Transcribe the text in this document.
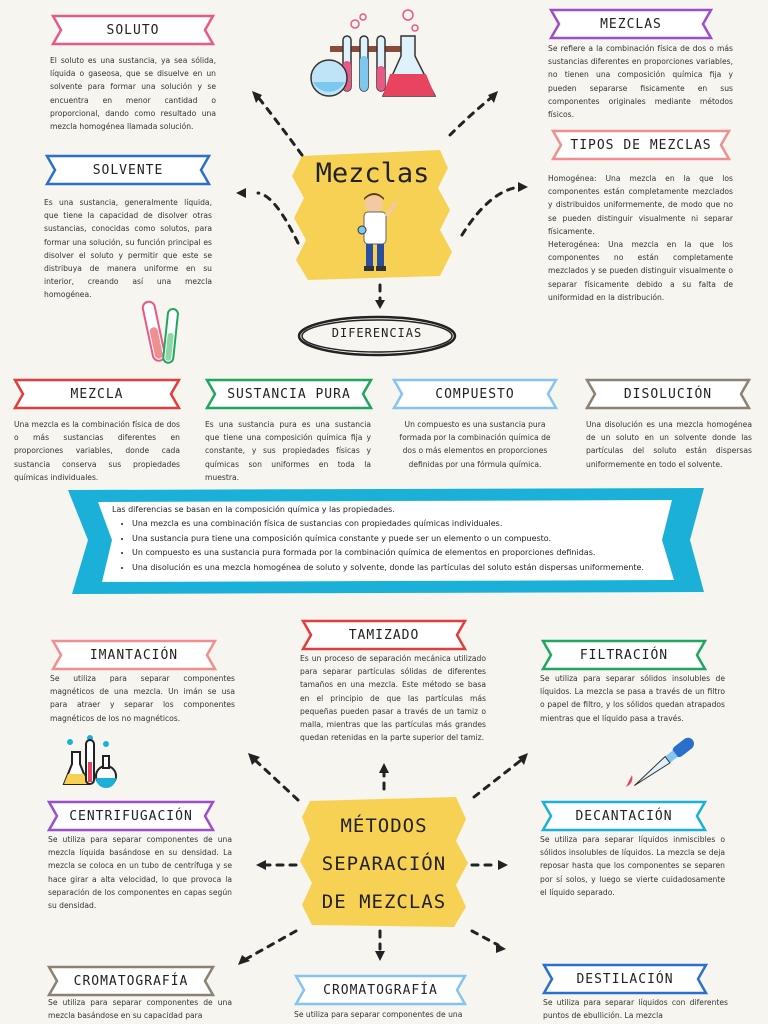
SOLUTO
El soluto es una sustancia, ya sea sólida, líquida o gaseosa, que se disuelve en un solvente para formar una solución y se encuentra en menor cantidad o proporcional, dando como resultado una mezcla homogénea llamada solución.
SOLVENTE
Es una sustancia, generalmente líquida, que tiene la capacidad de disolver otras sustancias, conocidas como solutos, para formar una solución, su función principal es disolver el soluto y permitir que este se distribuya de manera uniforme en su interior, creando así una mezcla homogénea.
MEZCLAS
Se refiere a la combinación física de dos o más sustancias diferentes en proporciones variables, no tienen una composición química fija y pueden separarse fisicamente en sus componentes originales mediante métodos físicos.
TIPOS DE MEZCLAS
Homogénea: Una mezcla en la que los componentes están completamente mezclados y distribuidos uniformemente, de modo que no se pueden distinguir visualmente ni separar físicamente.
Heterogénea: Una mezcla en la que los componentes no están completamente mezclados y se pueden distinguir visualmente o separar físicamente debido a su falta de uniformidad en la distribución.
Mezclas
DIFERENCIAS
MEZCLA
Una mezcla es la combinación física de dos o más sustancias diferentes en proporciones variables, donde cada sustancia conserva sus propiedades químicas individuales.
SUSTANCIA PURA
Es una sustancia pura es una sustancia que tiene una composición química fija y constante, y sus propiedades físicas y químicas son uniformes en toda la muestra.
COMPUESTO
Un compuesto es una sustancia pura formada por la combinación química de dos o más elementos en proporciones definidas por una fórmula química.
DISOLUCIÓN
Una disolución es una mezcla homogénea de un soluto en un solvente donde las partículas del soluto están dispersas uniformemente en todo el solvente.
Las diferencias se basan en la composición química y las propiedades.
• Una mezcla es una combinación física de sustancias con propiedades químicas individuales.
• Una sustancia pura tiene una composición química constante y puede ser un elemento o un compuesto.
• Un compuesto es una sustancia pura formada por la combinación química de elementos en proporciones definidas.
• Una disolución es una mezcla homogénea de soluto y solvente, donde las partículas del soluto están dispersas uniformemente.
IMANTACIÓN
Se utiliza para separar componentes magnéticos de una mezcla. Un imán se usa para atraer y separar los componentes magnéticos de los no magnéticos.
TAMIZADO
Es un proceso de separación mecánica utilizado para separar partículas sólidas de diferentes tamaños en una mezcla. Este método se basa en el principio de que las partículas más pequeñas pueden pasar a través de un tamiz o malla, mientras que las partículas más grandes quedan retenidas en la parte superior del tamiz.
FILTRACIÓN
Se utiliza para separar sólidos insolubles de líquidos. La mezcla se pasa a través de un filtro o papel de filtro, y los sólidos quedan atrapados mientras que el líquido pasa a través.
CENTRIFUGACIÓN
Se utiliza para separar componentes de una mezcla líquida basándose en su densidad. La mezcla se coloca en un tubo de centrífuga y se hace girar a alta velocidad, lo que provoca la separación de los componentes en capas según su densidad.
DECANTACIÓN
Se utiliza para separar líquidos inmiscibles o sólidos insolubles de líquidos. La mezcla se deja reposar hasta que los componentes se separen por sí solos, y luego se vierte cuidadosamente el líquido separado.
MÉTODOS
SEPARACIÓN
DE MEZCLAS
CROMATOGRAFÍA
Se utiliza para separar componentes de una mezcla basándose en su capacidad para
CROMATOGRAFÍA
Se utiliza para separar componentes de una
DESTILACIÓN
Se utiliza para separar líquidos con diferentes puntos de ebullición. La mezcla
